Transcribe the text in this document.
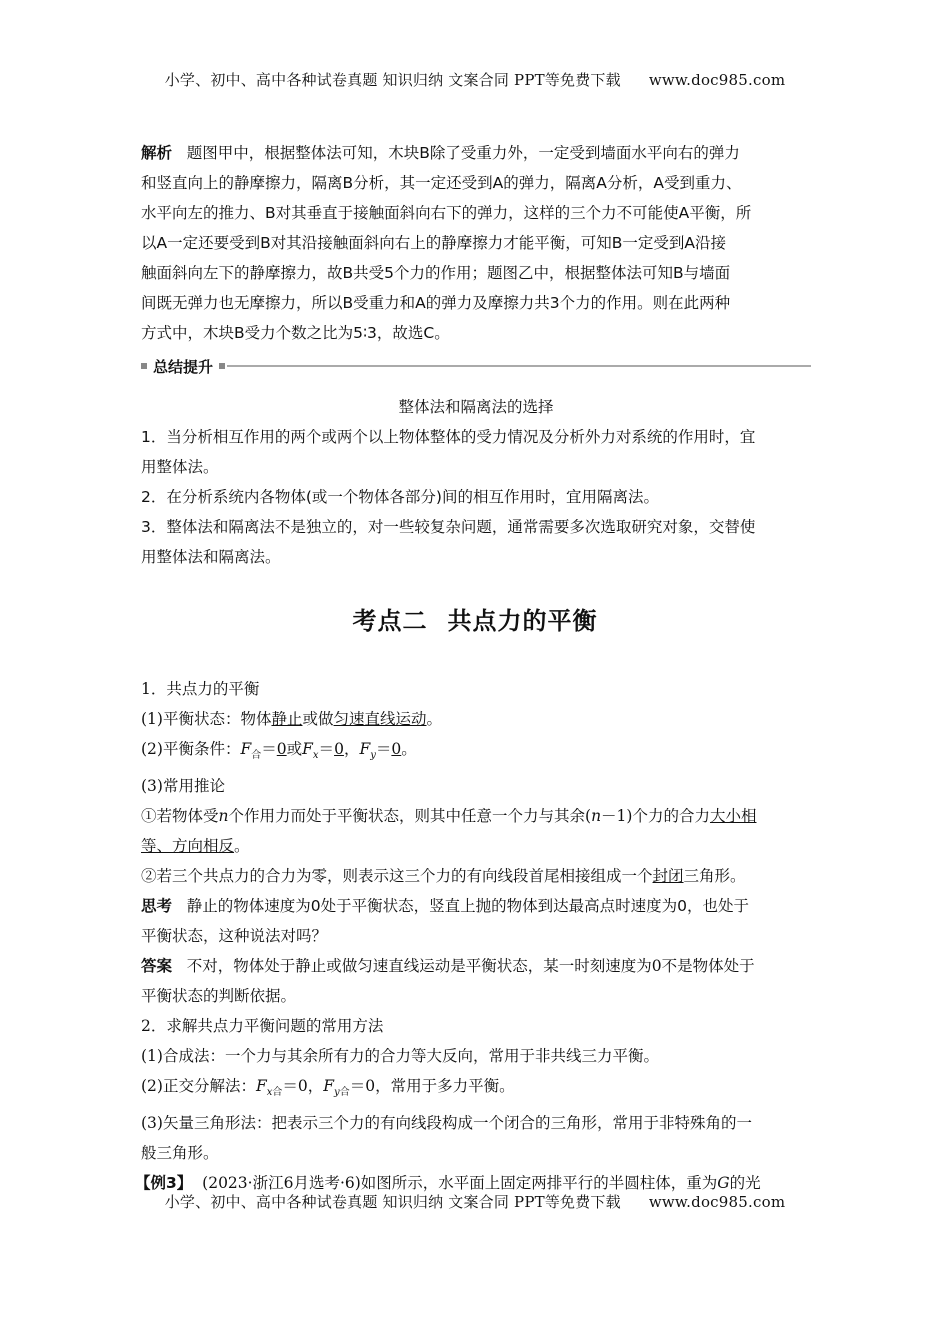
小学、初中、高中各种试卷真题 知识归纳 文案合同 PPT等免费下载 www.doc985.com

解析 题图甲中，根据整体法可知，木块B除了受重力外，一定受到墙面水平向右的弹力

和竖直向上的静摩擦力，隔离B分析，其一定还受到A的弹力，隔离A分析，A受到重力、

水平向左的推力、B对其垂直于接触面斜向右下的弹力，这样的三个力不可能使A平衡，所

以A一定还要受到B对其沿接触面斜向右上的静摩擦力才能平衡，可知B一定受到A沿接

触面斜向左下的静摩擦力，故B共受5个力的作用；题图乙中，根据整体法可知B与墙面

间既无弹力也无摩擦力，所以B受重力和A的弹力及摩擦力共3个力的作用。则在此两种

方式中，木块B受力个数之比为5∶3，故选C。

总结提升

整体法和隔离法的选择

1．当分析相互作用的两个或两个以上物体整体的受力情况及分析外力对系统的作用时，宜

用整体法。

2．在分析系统内各物体(或一个物体各部分)间的相互作用时，宜用隔离法。

3．整体法和隔离法不是独立的，对一些较复杂问题，通常需要多次选取研究对象，交替使

用整体法和隔离法。

考点二 共点力的平衡

1．共点力的平衡

(1)平衡状态：物体静止或做匀速直线运动。

(2)平衡条件：$F_合=0$或$F_x=0$，$F_y=0$。

(3)常用推论

①若物体受n个作用力而处于平衡状态，则其中任意一个力与其余(n－1)个力的合力大小相

等、方向相反。

②若三个共点力的合力为零，则表示这三个力的有向线段首尾相接组成一个封闭三角形。

思考 静止的物体速度为0处于平衡状态，竖直上抛的物体到达最高点时速度为0，也处于

平衡状态，这种说法对吗？

答案 不对，物体处于静止或做匀速直线运动是平衡状态，某一时刻速度为0不是物体处于

平衡状态的判断依据。

2．求解共点力平衡问题的常用方法

(1)合成法：一个力与其余所有力的合力等大反向，常用于非共线三力平衡。

(2)正交分解法：$F_{x合}=0$，$F_{y合}=0$，常用于多力平衡。

(3)矢量三角形法：把表示三个力的有向线段构成一个闭合的三角形，常用于非特殊角的一

般三角形。

【例3】 (2023·浙江6月选考·6)如图所示，水平面上固定两排平行的半圆柱体，重为G的光

小学、初中、高中各种试卷真题 知识归纳 文案合同 PPT等免费下载 www.doc985.com
